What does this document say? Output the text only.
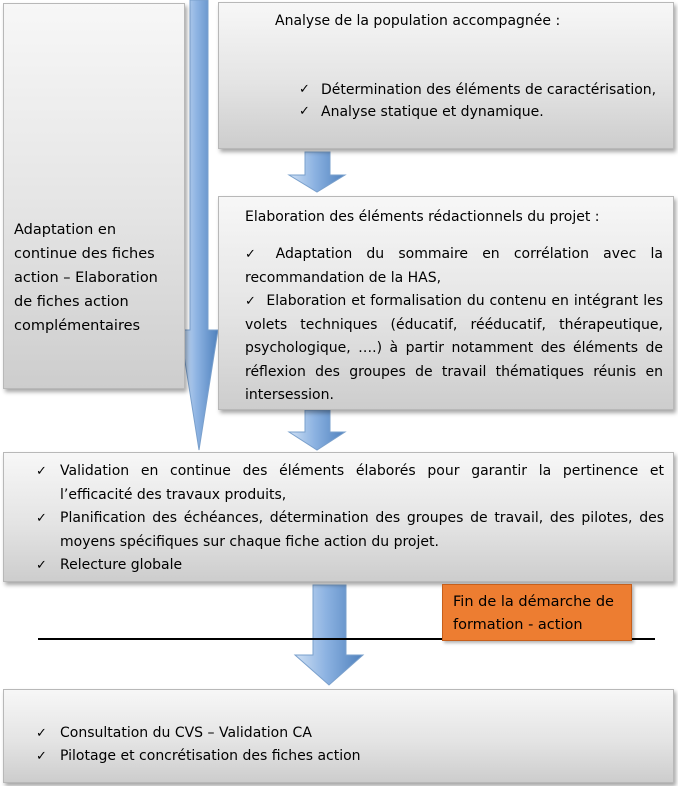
Adaptation en continue des fiches action – Elaboration de fiches action complémentaires
Analyse de la population accompagnée :
✓ Détermination des éléments de caractérisation,
✓ Analyse statique et dynamique.
Elaboration des éléments rédactionnels du projet :
✓ Adaptation du sommaire en corrélation avec la recommandation de la HAS,
✓ Elaboration et formalisation du contenu en intégrant les volets techniques (éducatif, rééducatif, thérapeutique, psychologique, ….) à partir notamment des éléments de réflexion des groupes de travail thématiques réunis en intersession.
✓ Validation en continue des éléments élaborés pour garantir la pertinence et l’efficacité des travaux produits,
✓ Planification des échéances, détermination des groupes de travail, des pilotes, des moyens spécifiques sur chaque fiche action du projet.
✓ Relecture globale
Fin de la démarche de formation - action
✓ Consultation du CVS – Validation CA
✓ Pilotage et concrétisation des fiches action
